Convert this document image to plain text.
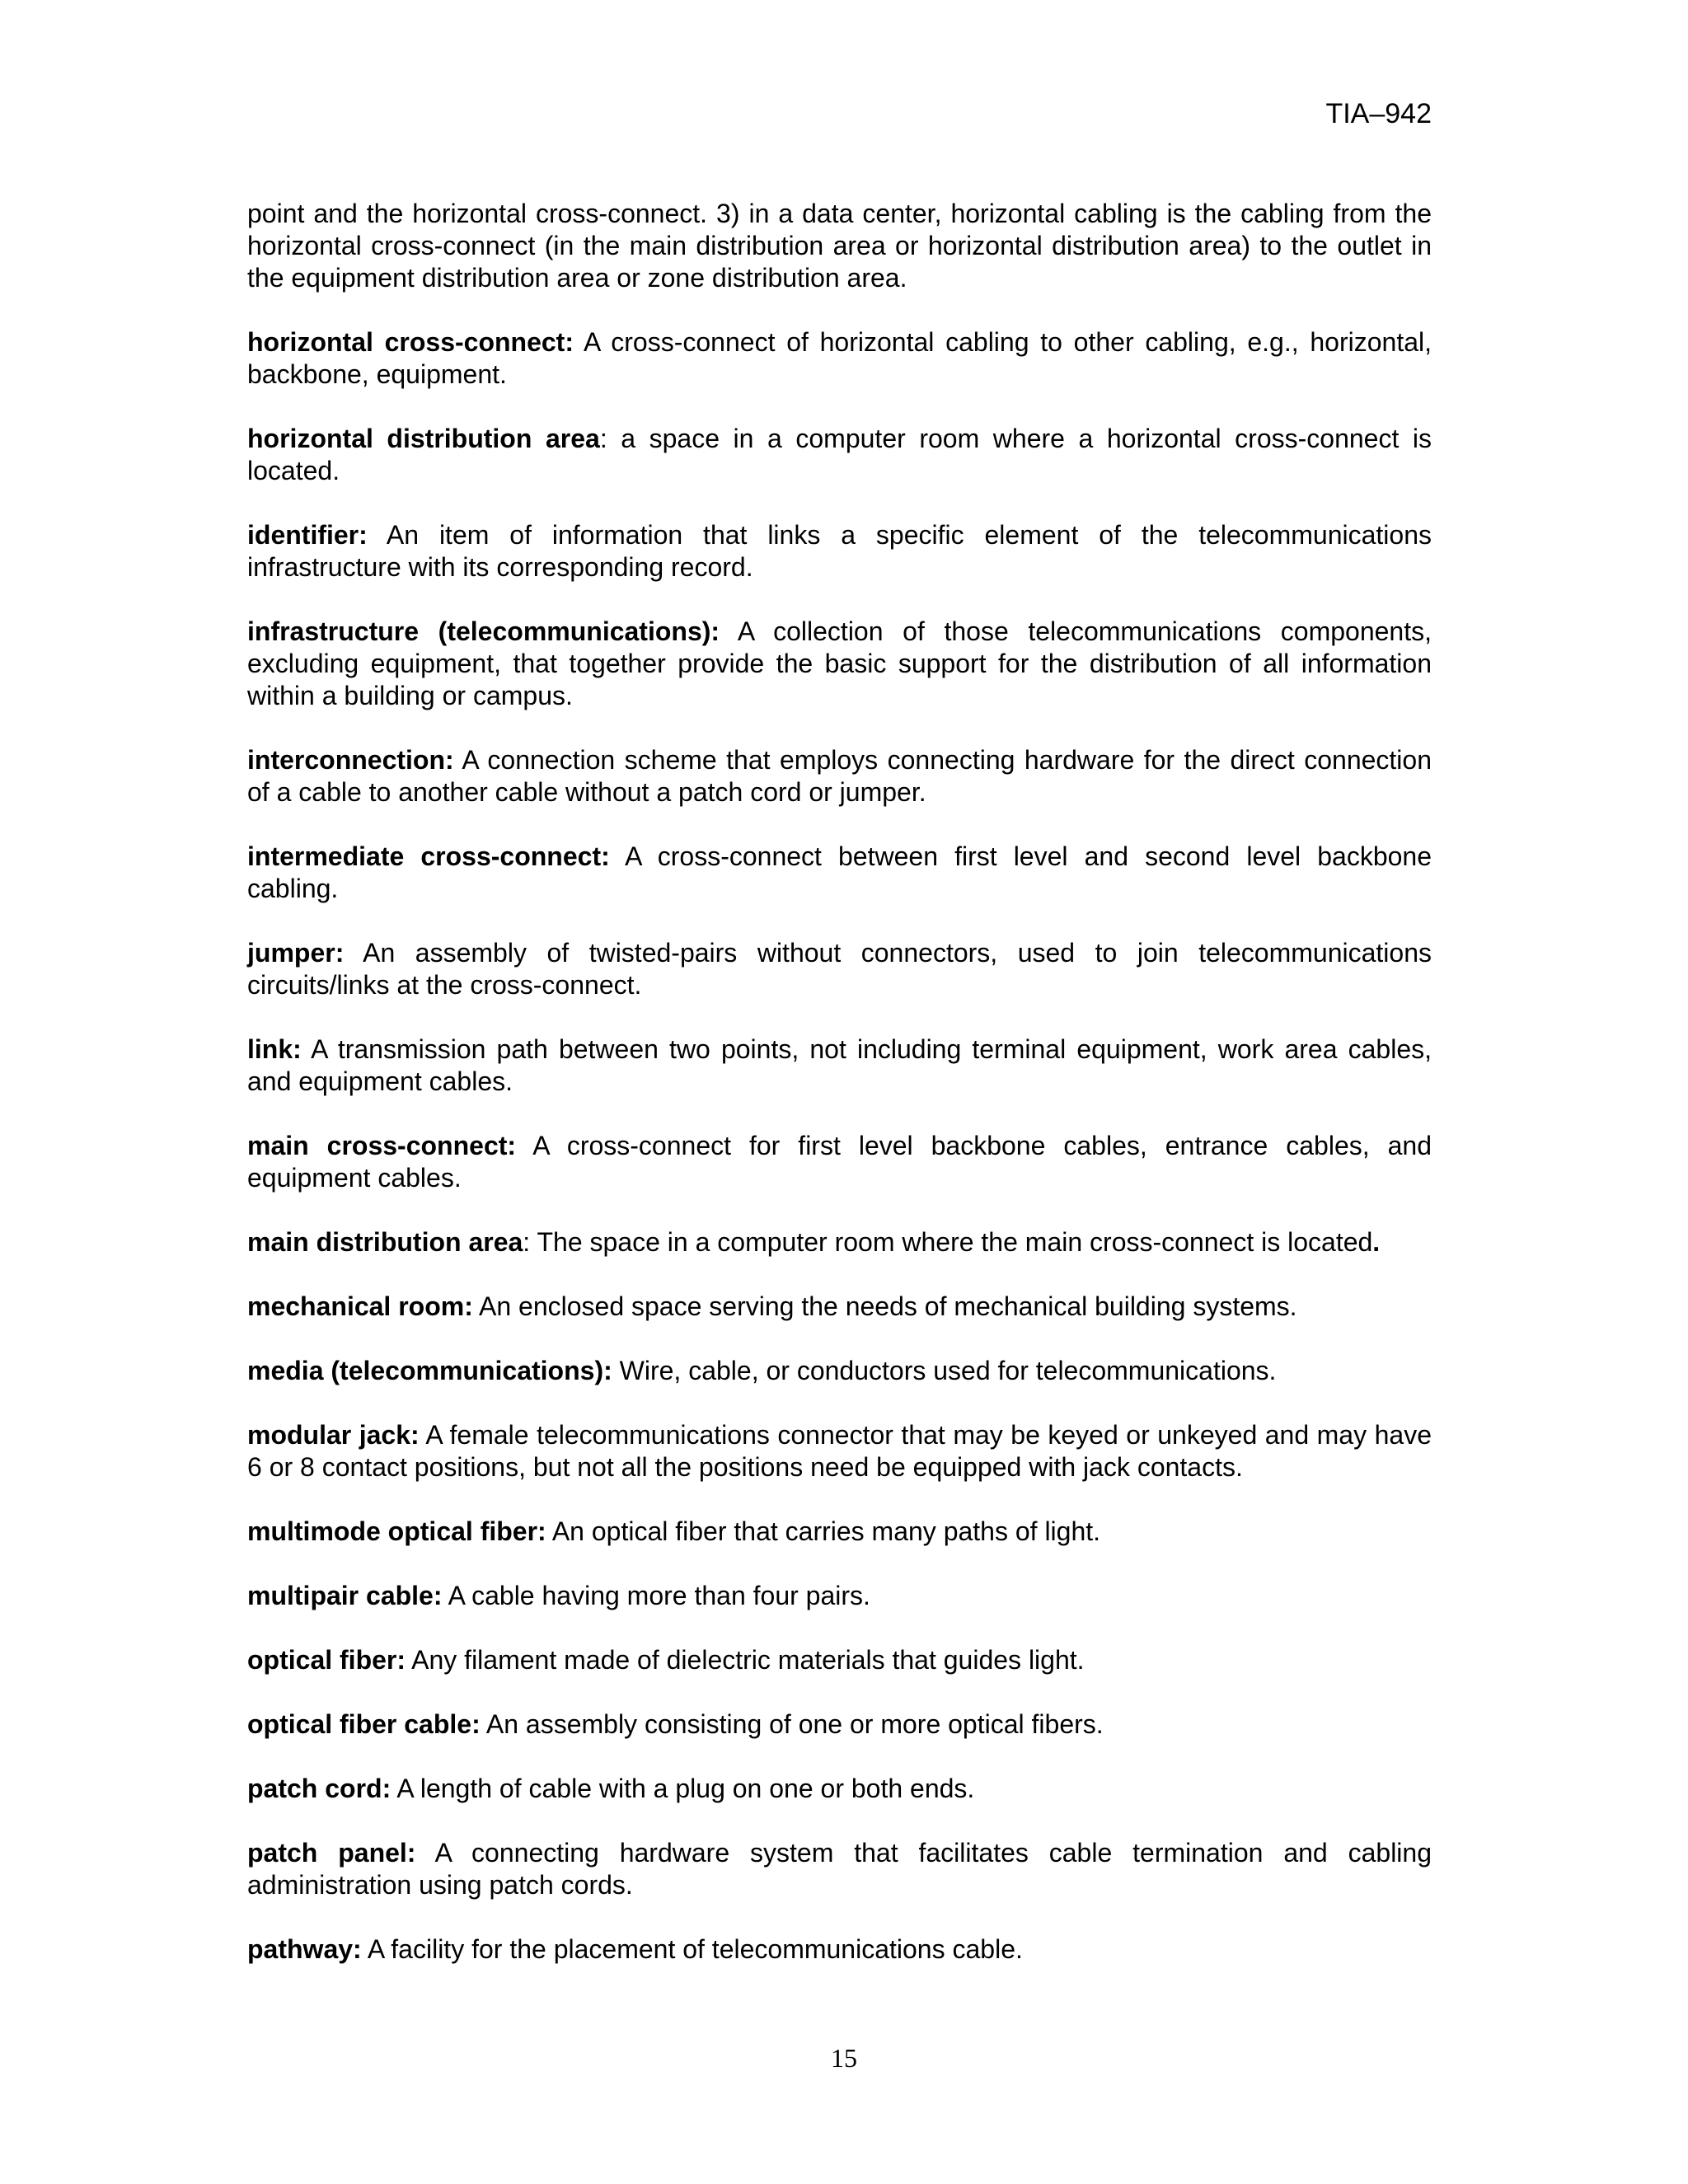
TIA–942

point and the horizontal cross-connect. 3) in a data center, horizontal cabling is the cabling from the horizontal cross-connect (in the main distribution area or horizontal distribution area) to the outlet in the equipment distribution area or zone distribution area.

horizontal cross-connect: A cross-connect of horizontal cabling to other cabling, e.g., horizontal, backbone, equipment.

horizontal distribution area: a space in a computer room where a horizontal cross-connect is located.

identifier: An item of information that links a specific element of the telecommunications infrastructure with its corresponding record.

infrastructure (telecommunications): A collection of those telecommunications components, excluding equipment, that together provide the basic support for the distribution of all information within a building or campus.

interconnection: A connection scheme that employs connecting hardware for the direct connection of a cable to another cable without a patch cord or jumper.

intermediate cross-connect: A cross-connect between first level and second level backbone cabling.

jumper: An assembly of twisted-pairs without connectors, used to join telecommunications circuits/links at the cross-connect.

link: A transmission path between two points, not including terminal equipment, work area cables, and equipment cables.

main cross-connect: A cross-connect for first level backbone cables, entrance cables, and equipment cables.

main distribution area: The space in a computer room where the main cross-connect is located.

mechanical room: An enclosed space serving the needs of mechanical building systems.

media (telecommunications): Wire, cable, or conductors used for telecommunications.

modular jack: A female telecommunications connector that may be keyed or unkeyed and may have 6 or 8 contact positions, but not all the positions need be equipped with jack contacts.

multimode optical fiber: An optical fiber that carries many paths of light.

multipair cable: A cable having more than four pairs.

optical fiber: Any filament made of dielectric materials that guides light.

optical fiber cable: An assembly consisting of one or more optical fibers.

patch cord: A length of cable with a plug on one or both ends.

patch panel: A connecting hardware system that facilitates cable termination and cabling administration using patch cords.

pathway: A facility for the placement of telecommunications cable.

15
